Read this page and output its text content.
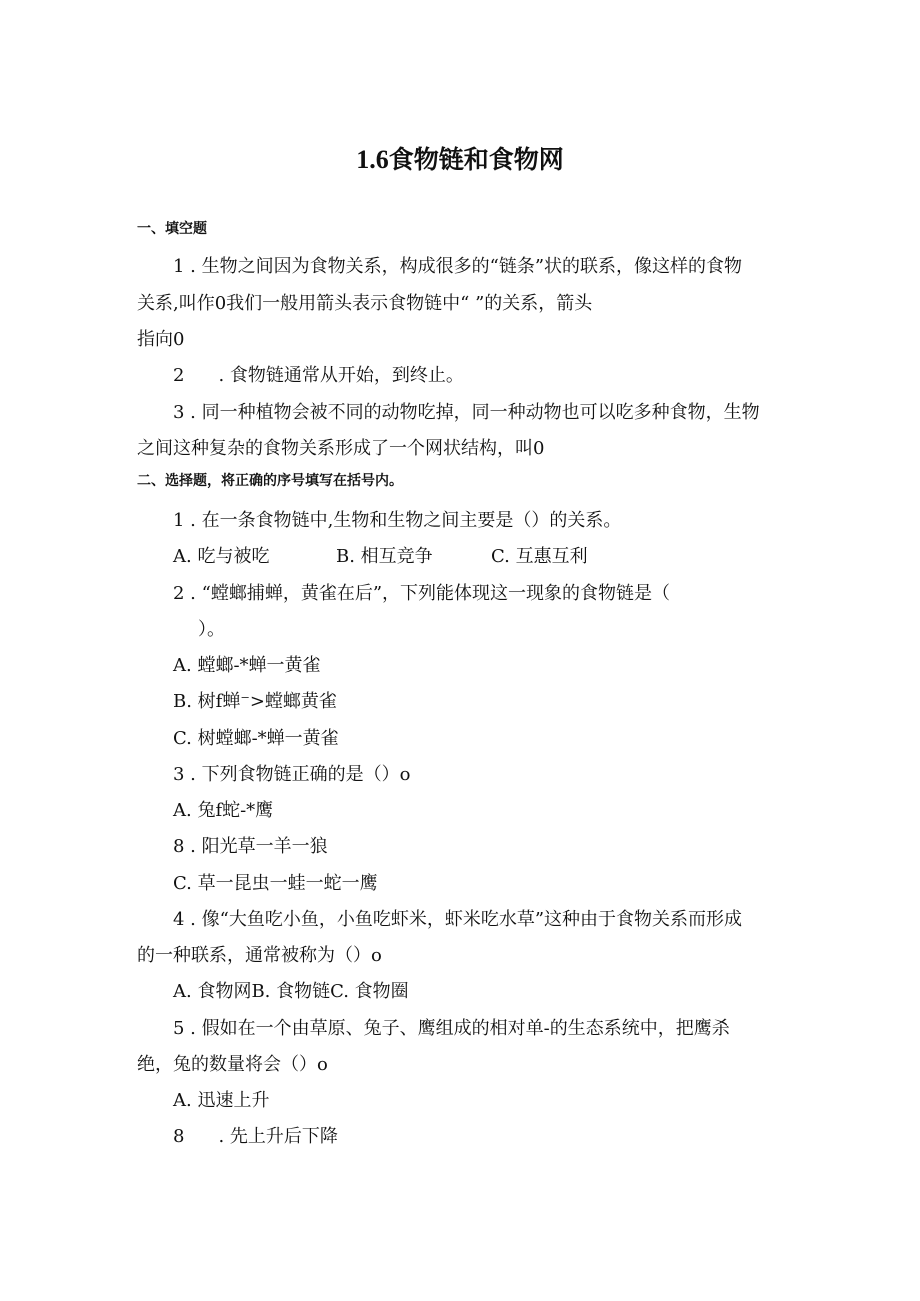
1.6食物链和食物网
一、填空题
1 . 生物之间因为食物关系，构成很多的“链条”状的联系，像这样的食物
关系,叫作0我们一般用箭头表示食物链中“ ”的关系，箭头
指向0
2 . 食物链通常从开始，到终止。
3 . 同一种植物会被不同的动物吃掉，同一种动物也可以吃多种食物，生物
之间这种复杂的食物关系形成了一个网状结构，叫0
二、选择题，将正确的序号填写在括号内。
1 . 在一条食物链中,生物和生物之间主要是（）的关系。
A. 吃与被吃	B. 相互竞争	C. 互惠互利
2 . “螳螂捕蝉，黄雀在后”，下列能体现这一现象的食物链是（
）。
A. 螳螂-*蝉一黄雀
B. 树f蝉⁻>螳螂黄雀
C. 树螳螂-*蝉一黄雀
3 . 下列食物链正确的是（）o
A. 兔f蛇-*鹰
8 . 阳光草一羊一狼
C. 草一昆虫一蛙一蛇一鹰
4 . 像“大鱼吃小鱼，小鱼吃虾米，虾米吃水草”这种由于食物关系而形成
的一种联系，通常被称为（）o
A. 食物网B. 食物链C. 食物圈
5 . 假如在一个由草原、兔子、鹰组成的相对单-的生态系统中，把鹰杀
绝，兔的数量将会（）o
A. 迅速上升
8 . 先上升后下降
